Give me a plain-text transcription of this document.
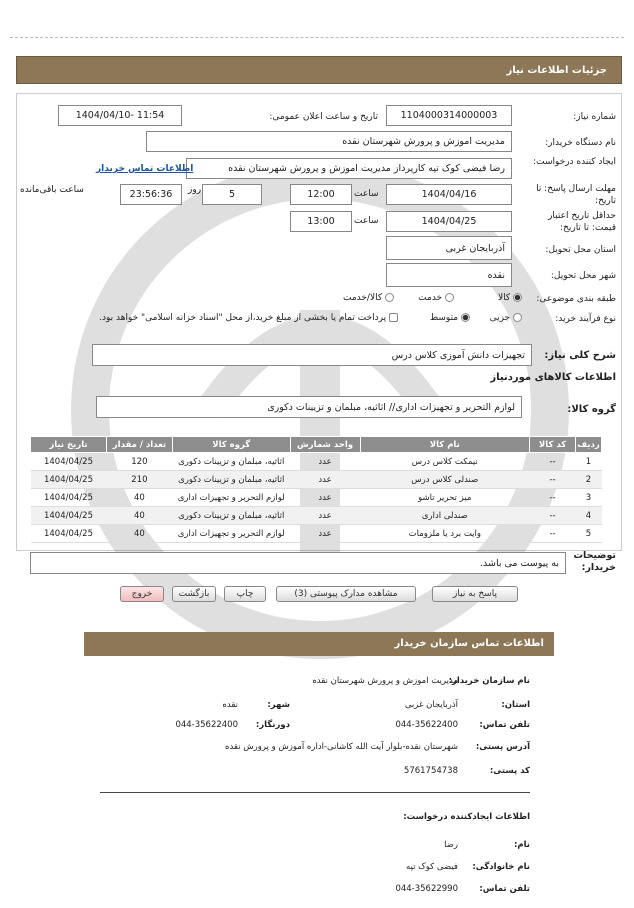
جزئیات اطلاعات نیاز
شماره نیاز:
1104000314000003
تاریخ و ساعت اعلان عمومی:
1404/04/10- 11:54
نام دستگاه خریدار:
مدیریت اموزش و پرورش شهرستان نقده
ایجاد کننده درخواست:
رضا فیضی کوک تپه کارپرداز مدیریت اموزش و پرورش شهرستان نقده
اطلاعات تماس خریدار
مهلت ارسال پاسخ: تا تاریخ:
1404/04/16
ساعت
12:00
5
روز
23:56:36
ساعت باقی‌مانده
حداقل تاریخ اعتبار قیمت: تا تاریخ:
1404/04/25
ساعت
13:00
استان محل تحویل:
آذربایجان غربی
شهر محل تحویل:
نقده
طبقه بندی موضوعی:
کالا
خدمت
کالا/خدمت
نوع فرآیند خرید:
جزیی
متوسط
پرداخت تمام یا بخشی از مبلغ خرید،از محل "اسناد خزانه اسلامی" خواهد بود.
شرح کلی نیاز:
تجهیزات دانش آموزی کلاس درس
اطلاعات کالاهای موردنیاز
گروه کالا:
لوازم التحریر و تجهیزات اداری// اثاثیه، مبلمان و تزیینات دکوری
ردیف	کد کالا	نام کالا	واحد شمارش	گروه کالا	تعداد / مقدار	تاریخ نیاز
1	--	نیمکت کلاس درس	عدد	اثاثیه، مبلمان و تزیینات دکوری	120	1404/04/25
2	--	صندلی کلاس درس	عدد	اثاثیه، مبلمان و تزیینات دکوری	210	1404/04/25
3	--	میز تحریر تاشو	عدد	لوازم التحریر و تجهیزات اداری	40	1404/04/25
4	--	صندلی اداری	عدد	اثاثیه، مبلمان و تزیینات دکوری	40	1404/04/25
5	--	وایت برد یا ملزومات	عدد	لوازم التحریر و تجهیزات اداری	40	1404/04/25
توضیحات خریدار:
به پیوست می باشد.
پاسخ به نیاز
مشاهده مدارک پیوستی (3)
چاپ
بازگشت
خروج
اطلاعات تماس سازمان خریدار
نام سازمان خریدار:
مدیریت اموزش و پرورش شهرستان نقده
استان:
آذربایجان غربی
شهر:
نقده
تلفن تماس:
044-35622400
دورنگار:
044-35622400
آدرس پستی:
شهرستان نقده-بلوار آیت الله کاشانی-اداره آموزش و پرورش نقده
کد پستی:
5761754738
اطلاعات ایجادکننده درخواست:
نام:
رضا
نام خانوادگی:
فیضی کوک تپه
تلفن تماس:
044-35622990
